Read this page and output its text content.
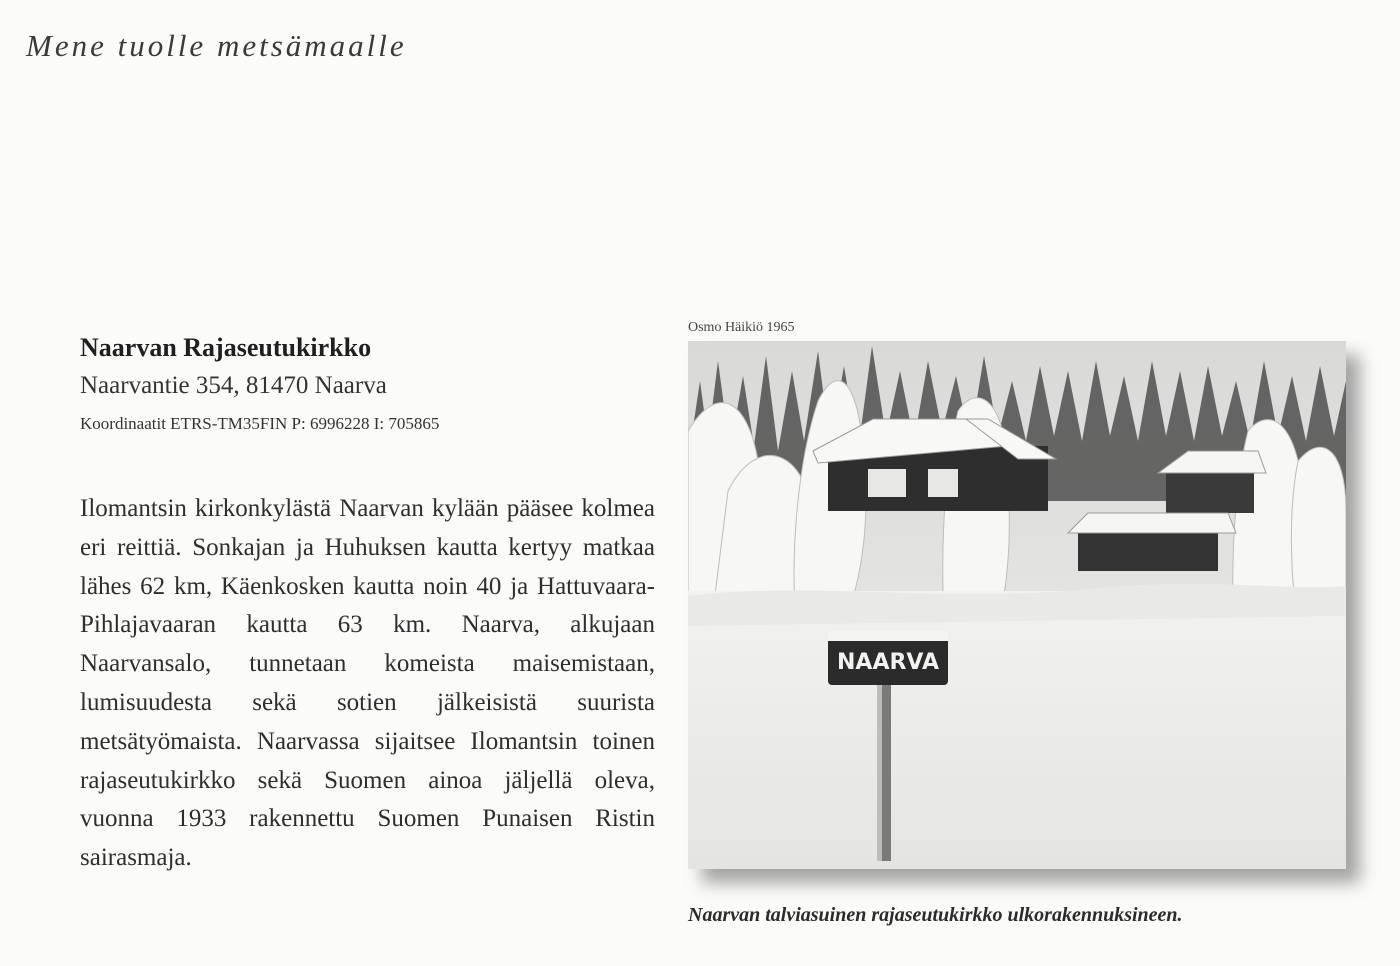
Mene tuolle metsämaalle
Naarvan Rajaseutukirkko
Naarvantie 354, 81470 Naarva
Koordinaatit ETRS-TM35FIN P: 6996228 I: 705865

Ilomantsin kirkonkylästä Naarvan kylään pääsee kolmea eri reittiä. Sonkajan ja Huhuksen kautta kertyy matkaa lähes 62 km, Käenkosken kautta noin 40 ja Hattuvaara-Pihlajavaaran kautta 63 km. Naarva, alkujaan Naarvansalo, tunnetaan komeista maisemistaan, lumisuudesta sekä sotien jälkeisistä suurista metsätyömaista. Naarvassa sijaitsee Ilomantsin toinen rajaseutukirkko sekä Suomen ainoa jäljellä oleva, vuonna 1933 rakennettu Suomen Punaisen Ristin sairasmaja.

Osmo Häikiö 1965
NAARVA
Naarvan talviasuinen rajaseutukirkko ulkorakennuksineen.
